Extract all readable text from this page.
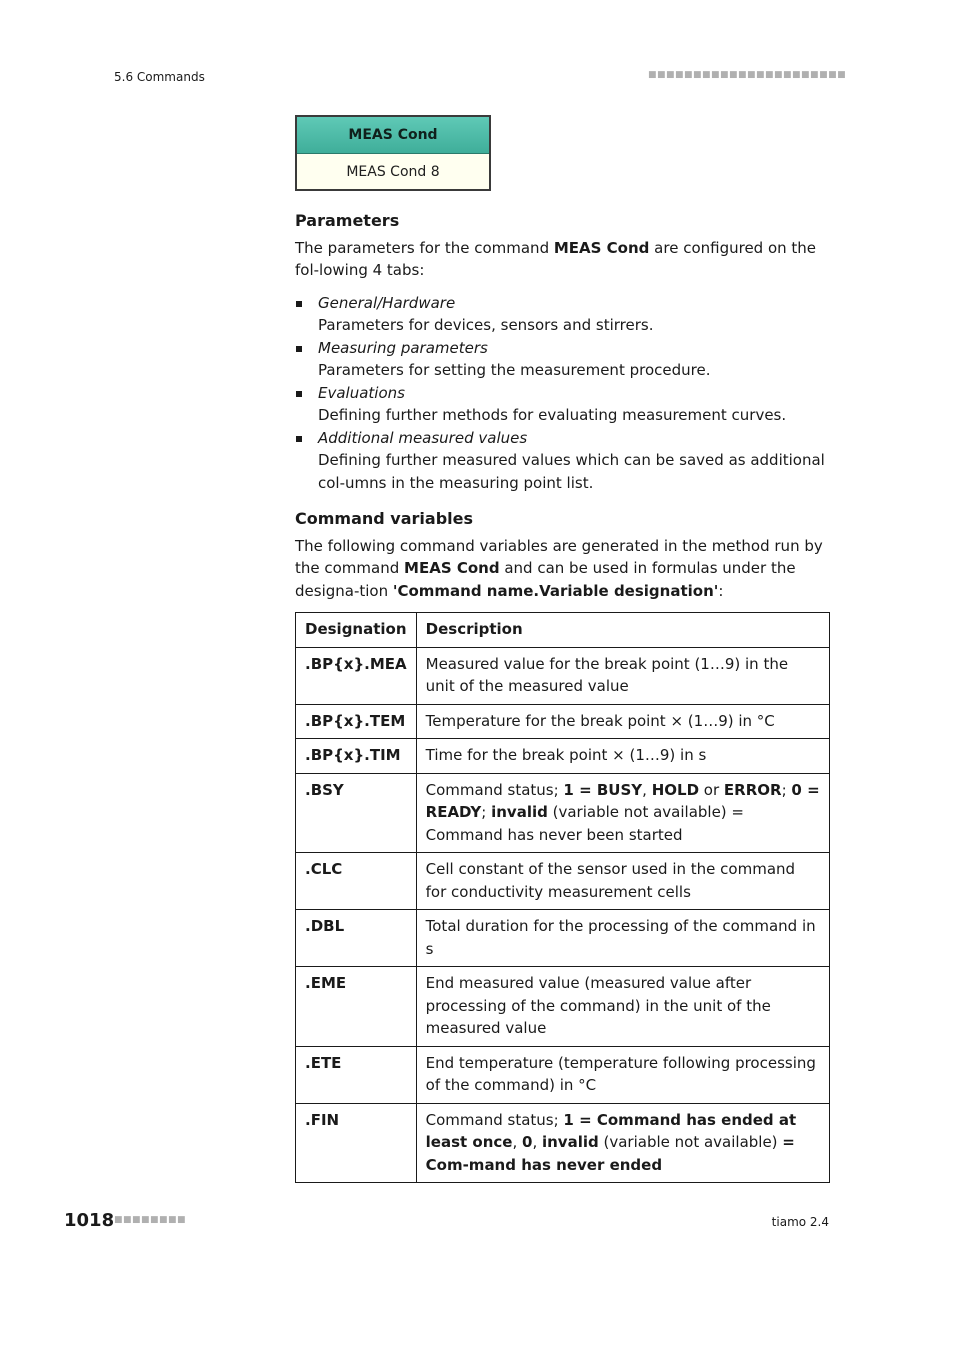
5.6 Commands	■■■■■■■■■■■■■■■■■■■■■■
MEAS Cond
MEAS Cond 8
Parameters

The parameters for the command MEAS Cond are configured on the fol-lowing 4 tabs:

General/Hardware
Parameters for devices, sensors and stirrers.
Measuring parameters
Parameters for setting the measurement procedure.
Evaluations
Defining further methods for evaluating measurement curves.
Additional measured values
Defining further measured values which can be saved as additional col-umns in the measuring point list.
Command variables

The following command variables are generated in the method run by the command MEAS Cond and can be used in formulas under the designa-tion 'Command name.Variable designation':

Designation	Description
.BP{x}.MEA	Measured value for the break point (1…9) in the unit of the measured value
.BP{x}.TEM	Temperature for the break point × (1…9) in °C
.BP{x}.TIM	Time for the break point × (1…9) in s
.BSY	Command status; 1 = BUSY, HOLD or ERROR; 0 = READY; invalid (variable not available) = Command has never been started
.CLC	Cell constant of the sensor used in the command for conductivity measurement cells
.DBL	Total duration for the processing of the command in s
.EME	End measured value (measured value after processing of the command) in the unit of the measured value
.ETE	End temperature (temperature following processing of the command) in °C
.FIN	Command status; 1 = Command has ended at least once, 0, invalid (variable not available) = Com-mand has never ended
1018 ■■■■■■■■	tiamo 2.4
